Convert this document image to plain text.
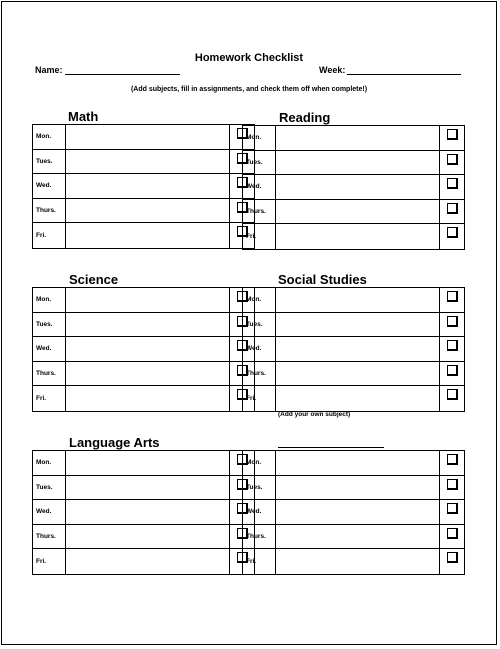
Homework Checklist
Name:	Week:
(Add subjects, fill in assignments, and check them off when complete!)
Math
Mon.
Tues.
Wed.
Thurs.
Fri.
Reading
Mon.
Tues.
Wed.
Thurs.
Fri.
Science
Mon.
Tues.
Wed.
Thurs.
Fri.
Social Studies
Mon.
Tues.
Wed.
Thurs.
Fri.
(Add your own subject)
Language Arts
Mon.
Tues.
Wed.
Thurs.
Fri.
Mon.
Tues.
Wed.
Thurs.
Fri.
